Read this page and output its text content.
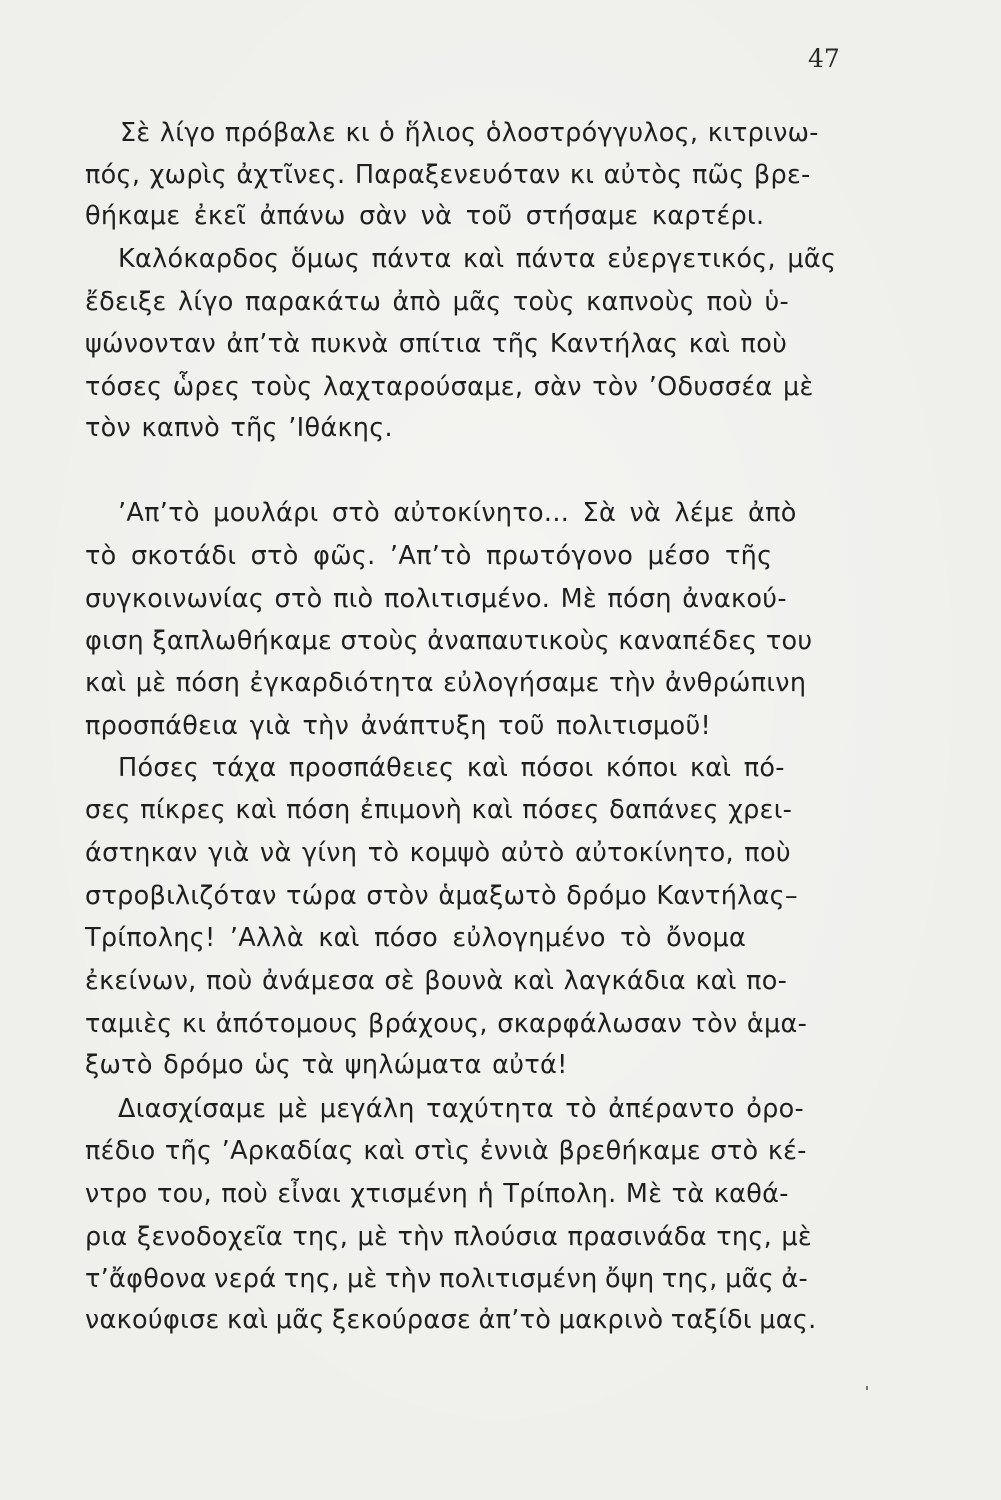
47
Σὲ λίγο πρόβαλε κι ὁ ἥλιος ὁλοστρόγγυλος, κιτρινω-
πός, χωρὶς ἀχτῖνες. Παραξενευόταν κι αὐτὸς πῶς βρε-
θήκαμε ἐκεῖ ἀπάνω σὰν νὰ τοῦ στήσαμε καρτέρι.
Καλόκαρδος ὅμως πάντα καὶ πάντα εὐεργετικός, μᾶς
ἔδειξε λίγο παρακάτω ἀπὸ μᾶς τοὺς καπνοὺς ποὺ ὑ-
ψώνονταν ἀπ’τὰ πυκνὰ σπίτια τῆς Καντήλας καὶ ποὺ
τόσες ὧρες τοὺς λαχταρούσαμε, σὰν τὸν ’Οδυσσέα μὲ
τὸν καπνὸ τῆς ’Ιθάκης.
’Απ’τὸ μουλάρι στὸ αὐτοκίνητο... Σὰ νὰ λέμε ἀπὸ
τὸ σκοτάδι στὸ φῶς. ’Απ’τὸ πρωτόγονο μέσο τῆς
συγκοινωνίας στὸ πιὸ πολιτισμένο. Μὲ πόση ἀνακού-
φιση ξαπλωθήκαμε στοὺς ἀναπαυτικοὺς καναπέδες του
καὶ μὲ πόση ἐγκαρδιότητα εὐλογήσαμε τὴν ἀνθρώπινη
προσπάθεια γιὰ τὴν ἀνάπτυξη τοῦ πολιτισμοῦ!
Πόσες τάχα προσπάθειες καὶ πόσοι κόποι καὶ πό-
σες πίκρες καὶ πόση ἐπιμονὴ καὶ πόσες δαπάνες χρει-
άστηκαν γιὰ νὰ γίνη τὸ κομψὸ αὐτὸ αὐτοκίνητο, ποὺ
στροβιλιζόταν τώρα στὸν ἁμαξωτὸ δρόμο Καντήλας–
Τρίπολης! ’Αλλὰ καὶ πόσο εὐλογημένο τὸ ὄνομα
ἐκείνων, ποὺ ἀνάμεσα σὲ βουνὰ καὶ λαγκάδια καὶ πο-
ταμιὲς κι ἀπότομους βράχους, σκαρφάλωσαν τὸν ἁμα-
ξωτὸ δρόμο ὡς τὰ ψηλώματα αὐτά!
Διασχίσαμε μὲ μεγάλη ταχύτητα τὸ ἀπέραντο ὀρο-
πέδιο τῆς ’Αρκαδίας καὶ στὶς ἐννιὰ βρεθήκαμε στὸ κέ-
ντρο του, ποὺ εἶναι χτισμένη ἡ Τρίπολη. Μὲ τὰ καθά-
ρια ξενοδοχεῖα της, μὲ τὴν πλούσια πρασινάδα της, μὲ
τ’ἄφθονα νερά της, μὲ τὴν πολιτισμένη ὄψη της, μᾶς ἀ-
νακούφισε καὶ μᾶς ξεκούρασε ἀπ’τὸ μακρινὸ ταξίδι μας.
